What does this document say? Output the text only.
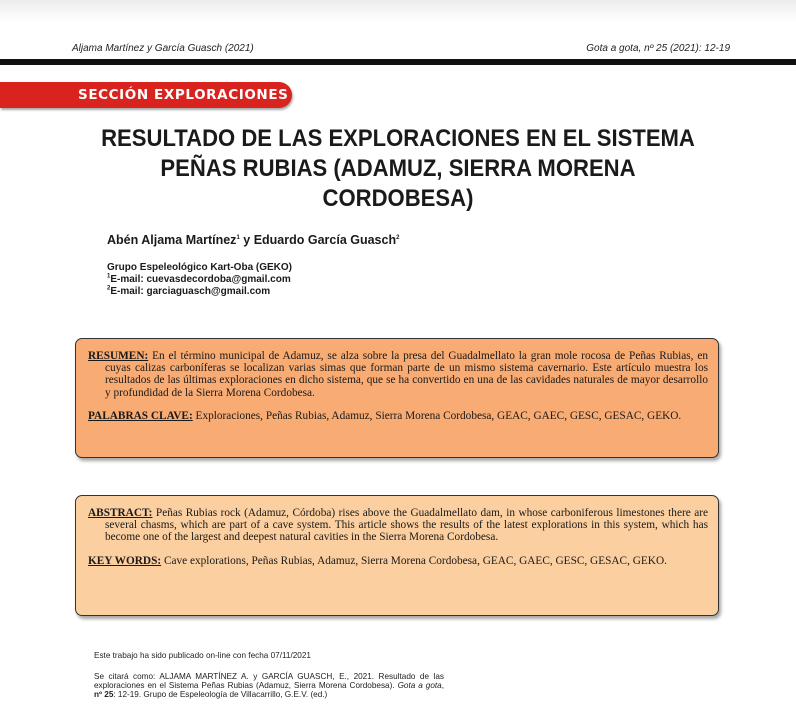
Aljama Martínez y García Guasch (2021)	Gota a gota, nº 25 (2021): 12-19
SECCIÓN EXPLORACIONES
RESULTADO DE LAS EXPLORACIONES EN EL SISTEMA PEÑAS RUBIAS (ADAMUZ, SIERRA MORENA CORDOBESA)
Abén Aljama Martínez$^1$ y Eduardo García Guasch$^2$
Grupo Espeleológico Kart-Oba (GEKO)
$^1$E-mail: cuevasdecordoba@gmail.com
$^2$E-mail: garciaguasch@gmail.com

RESUMEN: En el término municipal de Adamuz, se alza sobre la presa del Guadalmellato la gran mole rocosa de Peñas Rubias, en cuyas calizas carboníferas se localizan varias simas que forman parte de un mismo sistema cavernario. Este artículo muestra los resultados de las últimas exploraciones en dicho sistema, que se ha convertido en una de las cavidades naturales de mayor desarrollo y profundidad de la Sierra Morena Cordobesa.

PALABRAS CLAVE: Exploraciones, Peñas Rubias, Adamuz, Sierra Morena Cordobesa, GEAC, GAEC, GESC, GESAC, GEKO.

ABSTRACT: Peñas Rubias rock (Adamuz, Córdoba) rises above the Guadalmellato dam, in whose carboniferous limestones there are several chasms, which are part of a cave system. This article shows the results of the latest explorations in this system, which has become one of the largest and deepest natural cavities in the Sierra Morena Cordobesa.

KEY WORDS: Cave explorations, Peñas Rubias, Adamuz, Sierra Morena Cordobesa, GEAC, GAEC, GESC, GESAC, GEKO.

Este trabajo ha sido publicado on-line con fecha 07/11/2021
Se citará como: ALJAMA MARTÍNEZ A. y GARCÍA GUASCH, E., 2021. Resultado de las exploraciones en el Sistema Peñas Rubias (Adamuz, Sierra Morena Cordobesa). Gota a gota, nº 25: 12-19. Grupo de Espeleología de Villacarrillo, G.E.V. (ed.)
